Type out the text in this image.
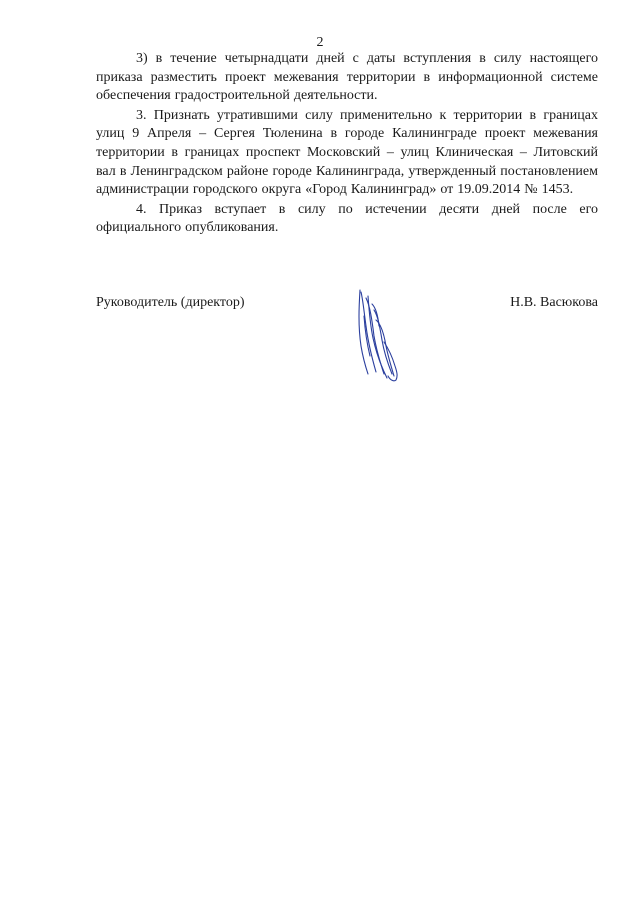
2

3) в течение четырнадцати дней с даты вступления в силу настоящего приказа разместить проект межевания территории в информационной системе обеспечения градостроительной деятельности.

3. Признать утратившими силу применительно к территории в границах улиц 9 Апреля – Сергея Тюленина в городе Калининграде проект межевания территории в границах проспект Московский – улиц Клиническая – Литовский вал в Ленинградском районе городе Калининграда, утвержденный постановлением администрации городского округа «Город Калининград» от 19.09.2014 № 1453.

4. Приказ вступает в силу по истечении десяти дней после его официального опубликования.

Руководитель (директор)	Н.В. Васюкова
